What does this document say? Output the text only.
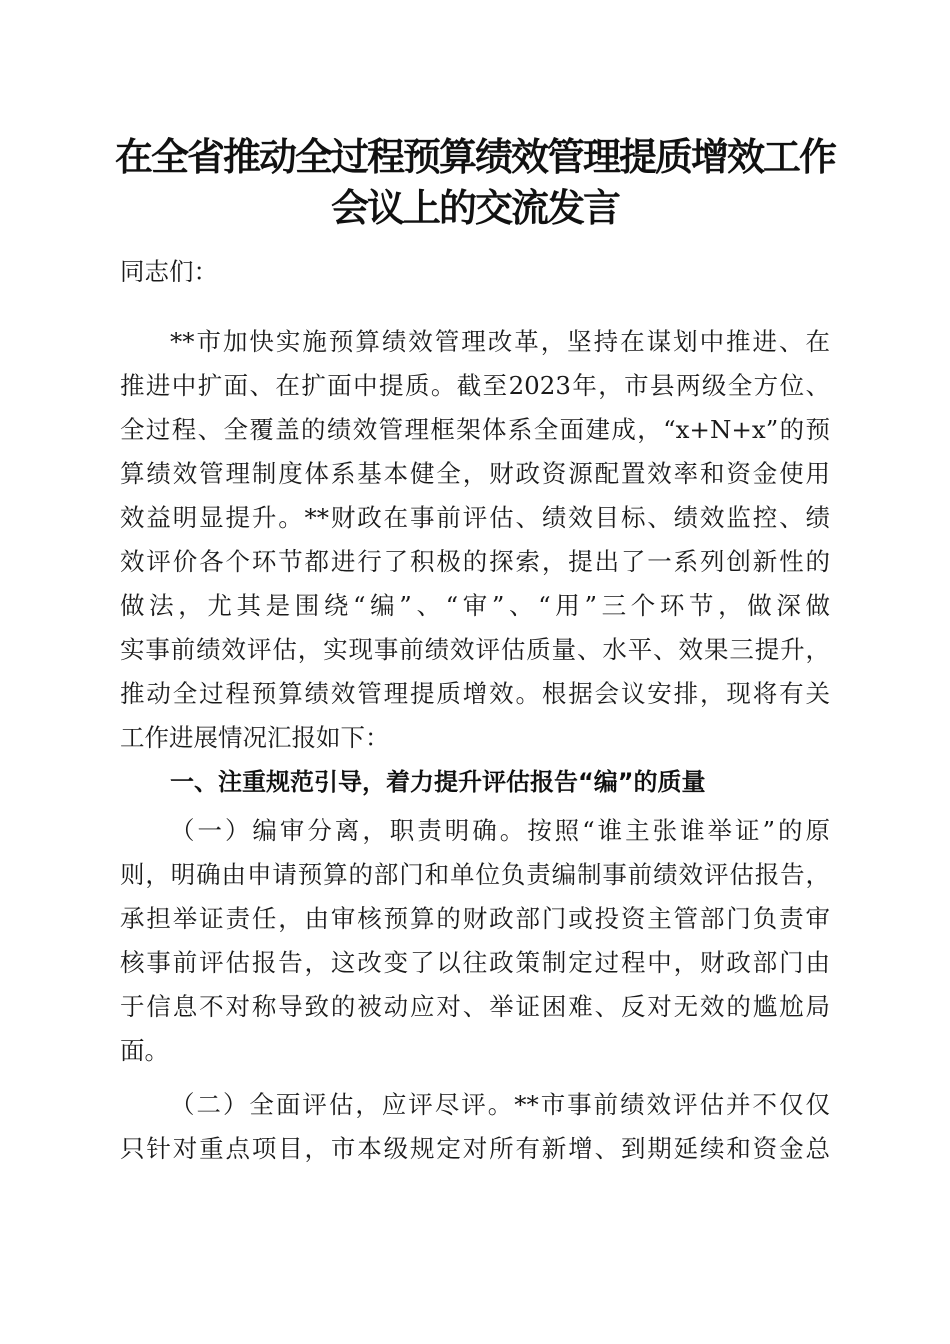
在全省推动全过程预算绩效管理提质增效工作
会议上的交流发言
同志们：
**市加快实施预算绩效管理改革，坚持在谋划中推进、在
推进中扩面、在扩面中提质。截至2023年，市县两级全方位、
全过程、全覆盖的绩效管理框架体系全面建成，“x+N+x”的预
算绩效管理制度体系基本健全，财政资源配置效率和资金使用
效益明显提升。**财政在事前评估、绩效目标、绩效监控、绩
效评价各个环节都进行了积极的探索，提出了一系列创新性的
做法，尤其是围绕“编”、“审”、“用”三个环节，做深做
实事前绩效评估，实现事前绩效评估质量、水平、效果三提升，
推动全过程预算绩效管理提质增效。根据会议安排，现将有关
工作进展情况汇报如下：
一、注重规范引导，着力提升评估报告“编”的质量
（一）编审分离，职责明确。按照“谁主张谁举证”的原
则，明确由申请预算的部门和单位负责编制事前绩效评估报告，
承担举证责任，由审核预算的财政部门或投资主管部门负责审
核事前评估报告，这改变了以往政策制定过程中，财政部门由
于信息不对称导致的被动应对、举证困难、反对无效的尴尬局
面。
（二）全面评估，应评尽评。**市事前绩效评估并不仅仅
只针对重点项目，市本级规定对所有新增、到期延续和资金总
